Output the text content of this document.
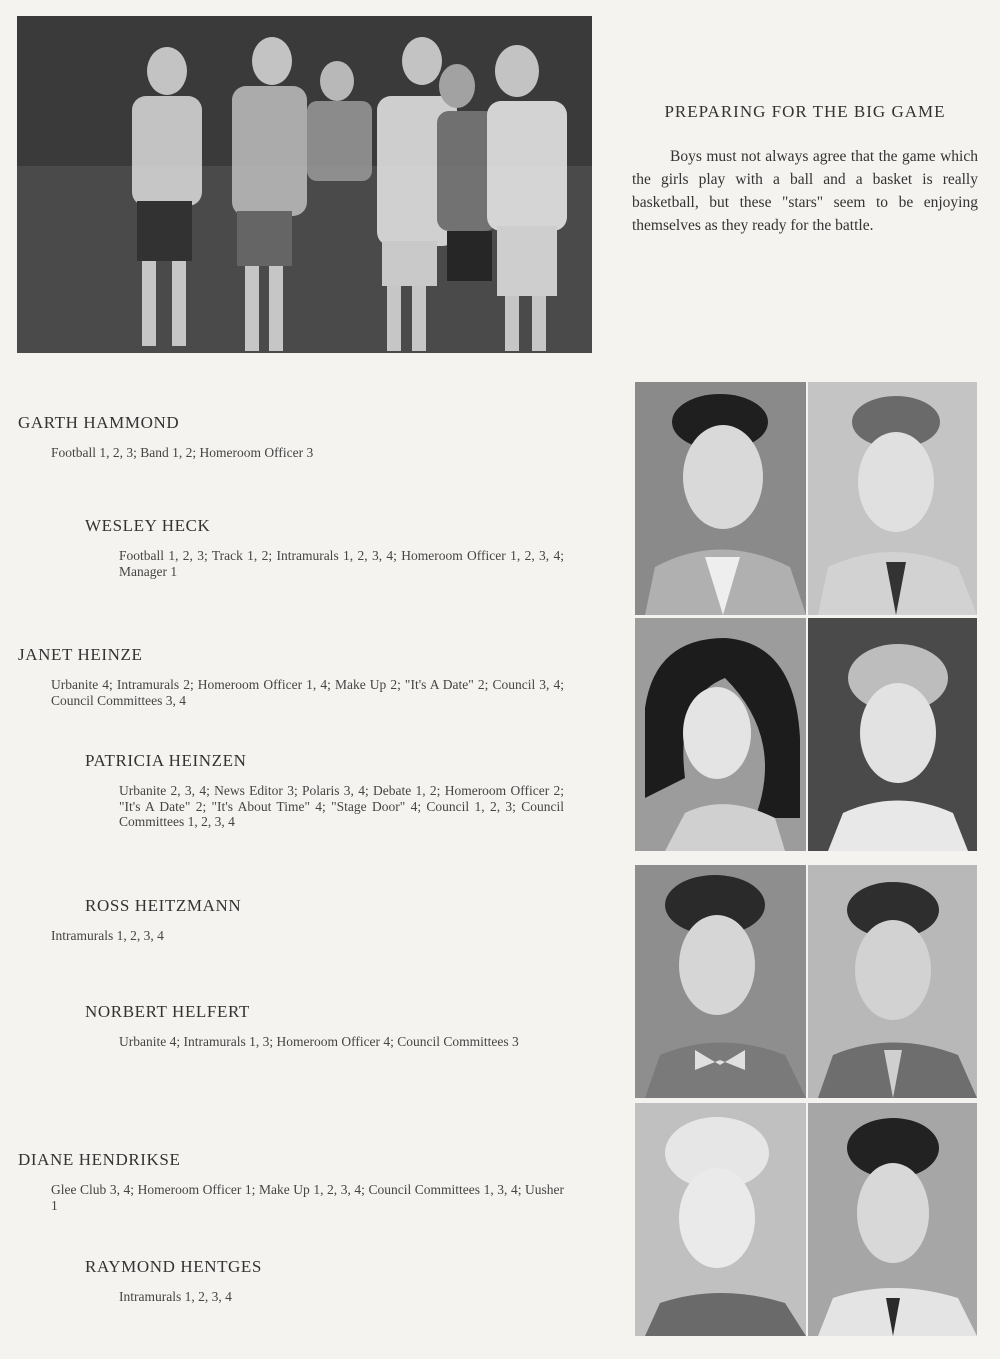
PREPARING FOR THE BIG GAME
Boys must not always agree that the game which the girls play with a ball and a basket is really basketball, but these "stars" seem to be enjoying themselves as they ready for the battle.
GARTH HAMMOND
Football 1, 2, 3; Band 1, 2; Homeroom Officer 3
WESLEY HECK
Football 1, 2, 3; Track 1, 2; Intramurals 1, 2, 3, 4; Homeroom Officer 1, 2, 3, 4; Manager 1
JANET HEINZE
Urbanite 4; Intramurals 2; Homeroom Officer 1, 4; Make Up 2; "It's A Date" 2; Council 3, 4; Council Committees 3, 4
PATRICIA HEINZEN
Urbanite 2, 3, 4; News Editor 3; Polaris 3, 4; Debate 1, 2; Homeroom Officer 2; "It's A Date" 2; "It's About Time" 4; "Stage Door" 4; Council 1, 2, 3; Council Committees 1, 2, 3, 4
ROSS HEITZMANN
Intramurals 1, 2, 3, 4
NORBERT HELFERT
Urbanite 4; Intramurals 1, 3; Homeroom Officer 4; Council Committees 3
DIANE HENDRIKSE
Glee Club 3, 4; Homeroom Officer 1; Make Up 1, 2, 3, 4; Council Committees 1, 3, 4; Uusher 1
RAYMOND HENTGES
Intramurals 1, 2, 3, 4
